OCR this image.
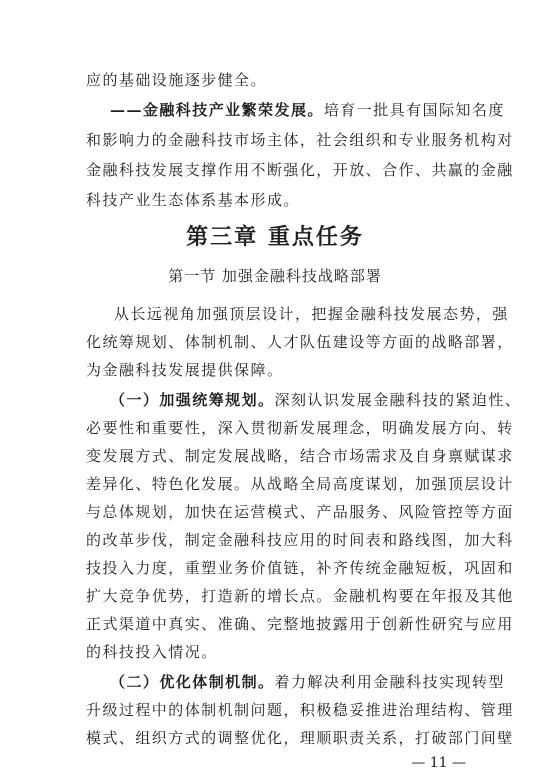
应的基础设施逐步健全。
——金融科技产业繁荣发展。培育一批具有国际知名度
和影响力的金融科技市场主体，社会组织和专业服务机构对
金融科技发展支撑作用不断强化，开放、合作、共赢的金融
科技产业生态体系基本形成。
第三章 重点任务
第一节 加强金融科技战略部署
从长远视角加强顶层设计，把握金融科技发展态势，强
化统筹规划、体制机制、人才队伍建设等方面的战略部署，
为金融科技发展提供保障。
（一）加强统筹规划。深刻认识发展金融科技的紧迫性、
必要性和重要性，深入贯彻新发展理念，明确发展方向、转
变发展方式、制定发展战略，结合市场需求及自身禀赋谋求
差异化、特色化发展。从战略全局高度谋划，加强顶层设计
与总体规划，加快在运营模式、产品服务、风险管控等方面
的改革步伐，制定金融科技应用的时间表和路线图，加大科
技投入力度，重塑业务价值链，补齐传统金融短板，巩固和
扩大竞争优势，打造新的增长点。金融机构要在年报及其他
正式渠道中真实、准确、完整地披露用于创新性研究与应用
的科技投入情况。
（二）优化体制机制。着力解决利用金融科技实现转型
升级过程中的体制机制问题，积极稳妥推进治理结构、管理
模式、组织方式的调整优化，理顺职责关系，打破部门间壁
— 11 —
